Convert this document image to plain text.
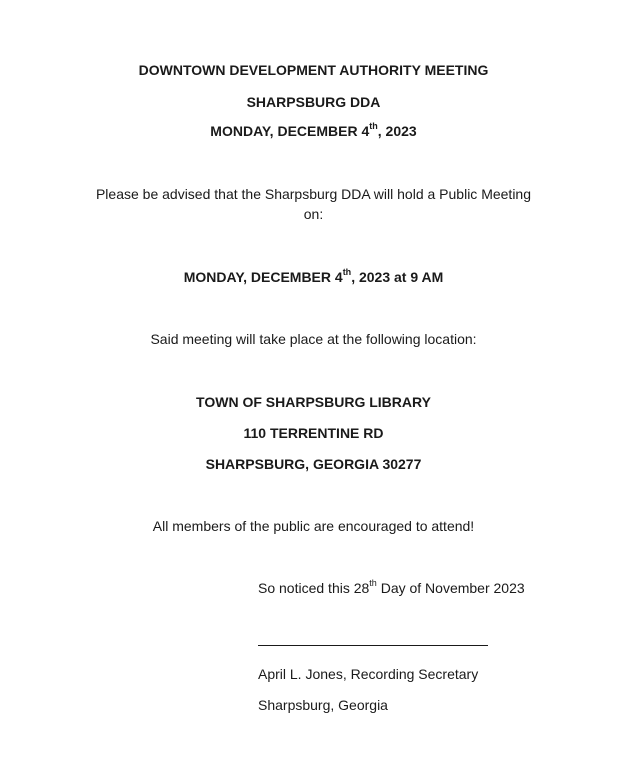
DOWNTOWN DEVELOPMENT AUTHORITY MEETING
SHARPSBURG DDA
MONDAY, DECEMBER 4th, 2023
Please be advised that the Sharpsburg DDA will hold a Public Meeting
on:
MONDAY, DECEMBER 4th, 2023 at 9 AM
Said meeting will take place at the following location:
TOWN OF SHARPSBURG LIBRARY
110 TERRENTINE RD
SHARPSBURG, GEORGIA 30277
All members of the public are encouraged to attend!
So noticed this 28th Day of November 2023
April L. Jones, Recording Secretary
Sharpsburg, Georgia
